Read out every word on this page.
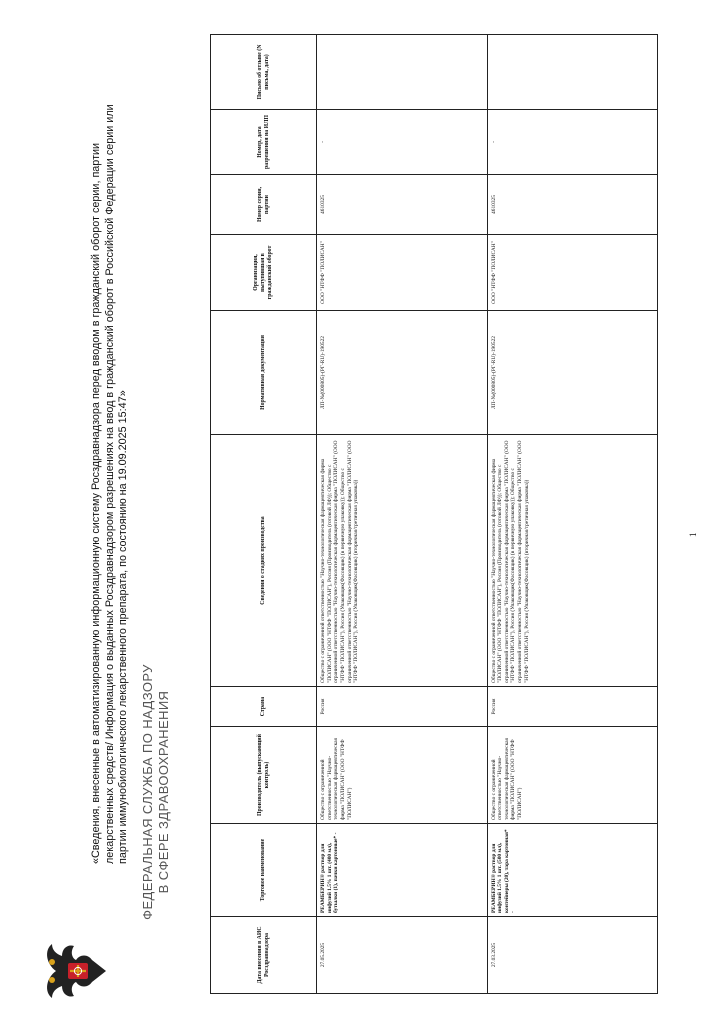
ФЕДЕРАЛЬНАЯ СЛУЖБА ПО НАДЗОРУ В СФЕРЕ ЗДРАВООХРАНЕНИЯ
«Сведения, внесенные в автоматизированную информационную систему Росздравнадзора перед вводом в гражданский оборот серии, партии лекарственных средств/ Информация о выданных Росздравнадзором разрешениях на ввод в гражданский оборот в Российской Федерации серии или партии иммунобиологического лекарственного препарата, по состоянию на 19.09.2025 15:47»
Дата внесения в АИС Росздравнадзора	Торговое наименование	Производитель (выпускающий контроль)	Страна	Сведения о стадиях производства	Нормативная документация	Организация, вытупившая в гражданский оборот	Номер серии, партии	Номер, дата разрешения на ИЛП	Письмо об отзыве (N письма, дата)
27.05.2025	РЕАМБЕРИН® раствор для инфузий 1.5% 1 шт. (400 мл), бутылки (1), пачки картонные* -	Общество с ограниченной ответственностью "Научно-технологическая фармацевтическая фирма "ПОЛИСАН" (ООО "НТФФ "ПОЛИСАН")	Россия	Общество с ограниченной ответственностью "Научно-технологическая фармацевтическая фирма "ПОЛИСАН" (ООО "НТФФ "ПОЛИСАН"), Россия (Производитель (готовой ЛФ)); Общество с ограниченной ответственностью "Научно-технологическая фармацевтическая фирма "ПОЛИСАН" (ООО "НТФФ "ПОЛИСАН"), Россия (Упаковщик(Фасовщик) (в первичную упаковку)); Общество с ограниченной ответственностью "Научно-технологическая фармацевтическая фирма "ПОЛИСАН" (ООО "НТФФ "ПОЛИСАН"), Россия (Упаковщик(Фасовщик) (вторичная/третичная упаковка))	ЛП-№(000805)-(РГ-RU)-190522	ООО "НТФФ "ПОЛИСАН"	4610325	-	
27.03.2025	РЕАМБЕРИН® раствор для инфузий 1.5% 1 шт. (500 мл), контейнеры (20), тара картонная* -	Общество с ограниченной ответственностью "Научно-технологическая фармацевтическая фирма "ПОЛИСАН" (ООО "НТФФ "ПОЛИСАН")	Россия	Общество с ограниченной ответственностью "Научно-технологическая фармацевтическая фирма "ПОЛИСАН" (ООО "НТФФ "ПОЛИСАН"), Россия (Производитель (готовой ЛФ)); Общество с ограниченной ответственностью "Научно-технологическая фармацевтическая фирма "ПОЛИСАН" (ООО "НТФФ "ПОЛИСАН"), Россия (Упаковщик(Фасовщик) (в первичную упаковку)); Общество с ограниченной ответственностью "Научно-технологическая фармацевтическая фирма "ПОЛИСАН" (ООО "НТФФ "ПОЛИСАН"), Россия (Упаковщик(Фасовщик) (вторичная/третичная упаковка))	ЛП-№(000805)-(РГ-RU)-190522	ООО "НТФФ "ПОЛИСАН"	4610325	-	
1
